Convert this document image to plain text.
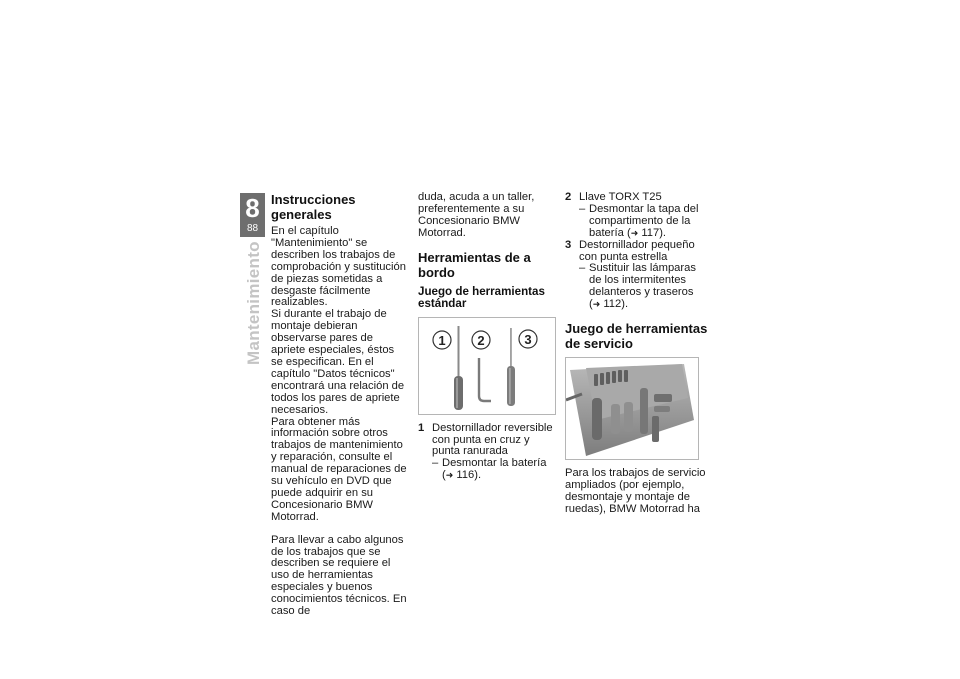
8
88
Mantenimiento
Instrucciones generales

En el capítulo "Mantenimiento" se describen los trabajos de comprobación y sustitución de piezas sometidas a desgaste fácilmente realizables.

Si durante el trabajo de montaje debieran observarse pares de apriete especiales, éstos se especifican. En el capítulo "Datos técnicos" encontrará una relación de todos los pares de apriete necesarios.

Para obtener más información sobre otros trabajos de mantenimiento y reparación, consulte el manual de reparaciones de su vehículo en DVD que puede adquirir en su Concesionario BMW Motorrad.

Para llevar a cabo algunos de los trabajos que se describen se requiere el uso de herramientas especiales y buenos conocimientos técnicos. En caso de

duda, acuda a un taller, preferentemente a su Concesionario BMW Motorrad.

Herramientas de a bordo
Juego de herramientas estándar
1 2	3
1 Destornillador reversible con punta en cruz y punta ranurada
– Desmontar la batería
(➜ 116).
2 Llave TORX T25
– Desmontar la tapa del compartimento de la batería (➜ 117).
3 Destornillador pequeño con punta estrella
– Sustituir las lámparas de los intermitentes delanteros y traseros (➜ 112).
Juego de herramientas de servicio

Para los trabajos de servicio ampliados (por ejemplo, desmontaje y montaje de ruedas), BMW Motorrad ha
